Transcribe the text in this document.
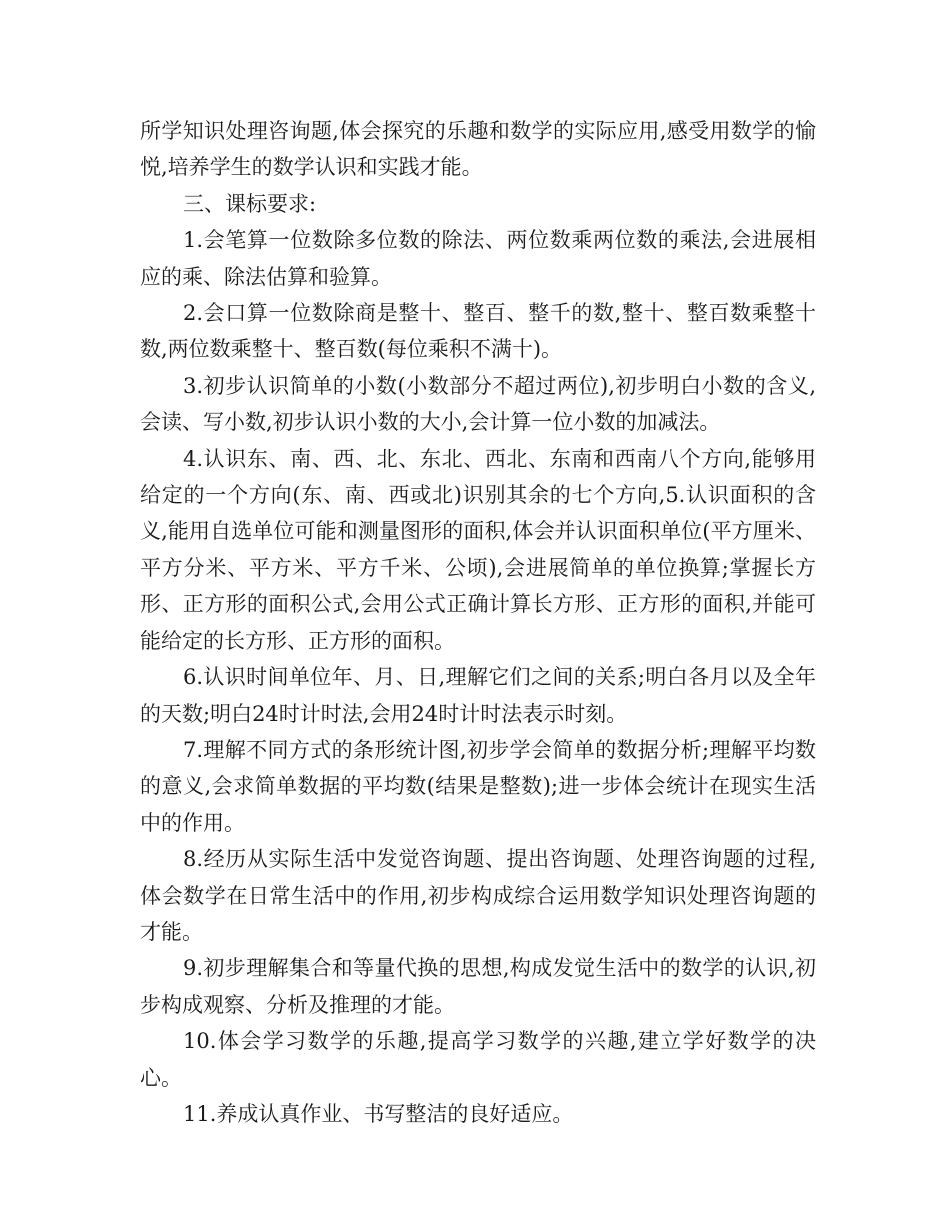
所学知识处理咨询题,体会探究的乐趣和数学的实际应用,感受用数学的愉悦,培养学生的数学认识和实践才能。

三、课标要求:

1.会笔算一位数除多位数的除法、两位数乘两位数的乘法,会进展相应的乘、除法估算和验算。

2.会口算一位数除商是整十、整百、整千的数,整十、整百数乘整十数,两位数乘整十、整百数(每位乘积不满十)。

3.初步认识简单的小数(小数部分不超过两位),初步明白小数的含义,会读、写小数,初步认识小数的大小,会计算一位小数的加减法。

4.认识东、南、西、北、东北、西北、东南和西南八个方向,能够用给定的一个方向(东、南、西或北)识别其余的七个方向,5.认识面积的含义,能用自选单位可能和测量图形的面积,体会并认识面积单位(平方厘米、平方分米、平方米、平方千米、公顷),会进展简单的单位换算;掌握长方形、正方形的面积公式,会用公式正确计算长方形、正方形的面积,并能可能给定的长方形、正方形的面积。

6.认识时间单位年、月、日,理解它们之间的关系;明白各月以及全年的天数;明白24时计时法,会用24时计时法表示时刻。

7.理解不同方式的条形统计图,初步学会简单的数据分析;理解平均数的意义,会求简单数据的平均数(结果是整数);进一步体会统计在现实生活中的作用。

8.经历从实际生活中发觉咨询题、提出咨询题、处理咨询题的过程,体会数学在日常生活中的作用,初步构成综合运用数学知识处理咨询题的才能。

9.初步理解集合和等量代换的思想,构成发觉生活中的数学的认识,初步构成观察、分析及推理的才能。

10.体会学习数学的乐趣,提高学习数学的兴趣,建立学好数学的决心。

11.养成认真作业、书写整洁的良好适应。
